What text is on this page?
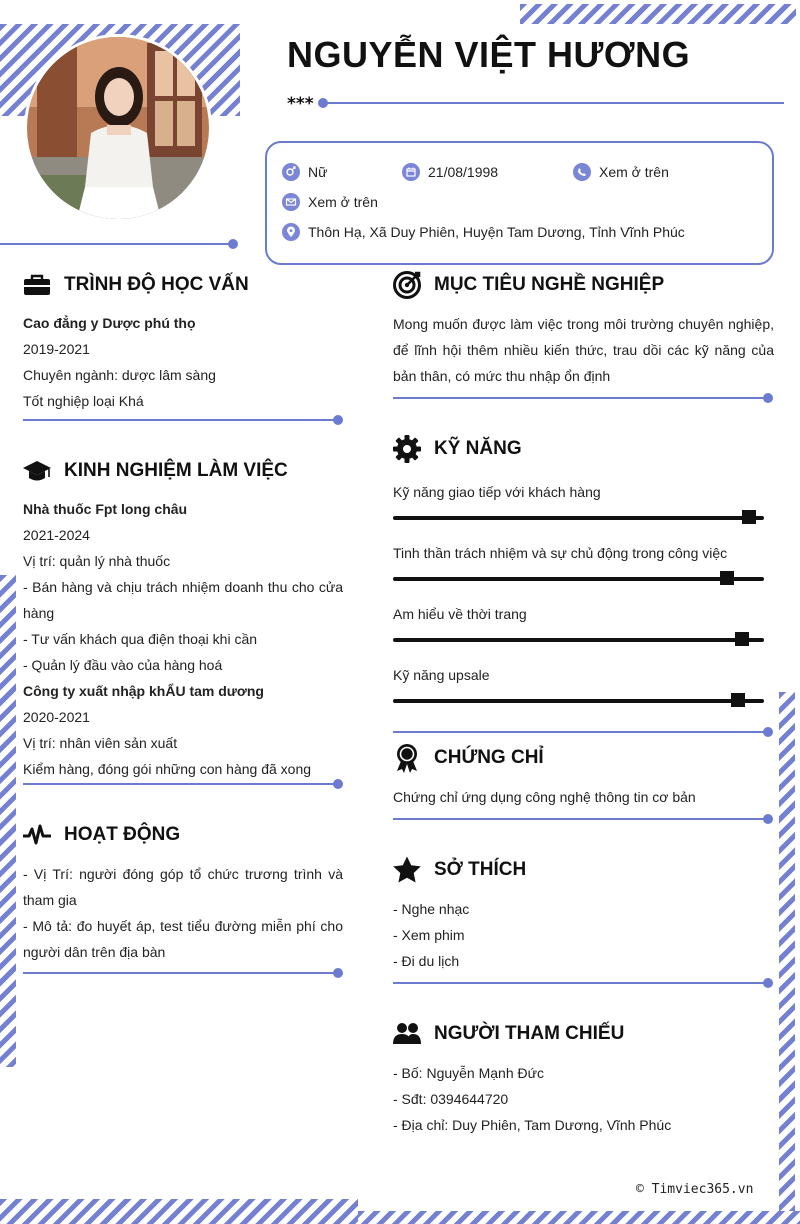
NGUYỄN VIỆT HƯƠNG
***
Nữ	21/08/1998	Xem ở trên
Xem ở trên
Thôn Hạ, Xã Duy Phiên, Huyện Tam Dương, Tỉnh Vĩnh Phúc
TRÌNH ĐỘ HỌC VẤN
Cao đẳng y Dược phú thọ
2019-2021
Chuyên ngành: dược lâm sàng
Tốt nghiệp loại Khá
KINH NGHIỆM LÀM VIỆC
Nhà thuốc Fpt long châu
2021-2024
Vị trí: quản lý nhà thuốc
- Bán hàng và chịu trách nhiệm doanh thu cho cửa hàng
- Tư vấn khách qua điện thoại khi cần
- Quản lý đầu vào của hàng hoá
Công ty xuất nhập khẨU tam dương
2020-2021
Vị trí: nhân viên sản xuất
Kiểm hàng, đóng gói những con hàng đã xong
HOẠT ĐỘNG
- Vị Trí: người đóng góp tổ chức trương trình và tham gia
- Mô tả: đo huyết áp, test tiểu đường miễn phí cho người dân trên địa bàn
MỤC TIÊU NGHỀ NGHIỆP
Mong muốn được làm việc trong môi trường chuyên nghiệp, để lĩnh hội thêm nhiều kiến thức, trau dồi các kỹ năng của bản thân, có mức thu nhập ổn định
KỸ NĂNG
Kỹ năng giao tiếp với khách hàng
Tinh thần trách nhiệm và sự chủ động trong công việc
Am hiểu về thời trang
Kỹ năng upsale
CHỨNG CHỈ
Chứng chỉ ứng dụng công nghệ thông tin cơ bản
SỞ THÍCH
- Nghe nhạc
- Xem phim
- Đi du lịch
NGƯỜI THAM CHIẾU
- Bố: Nguyễn Mạnh Đức
- Sđt: 0394644720
- Địa chỉ: Duy Phiên, Tam Dương, Vĩnh Phúc
© Timviec365.vn
